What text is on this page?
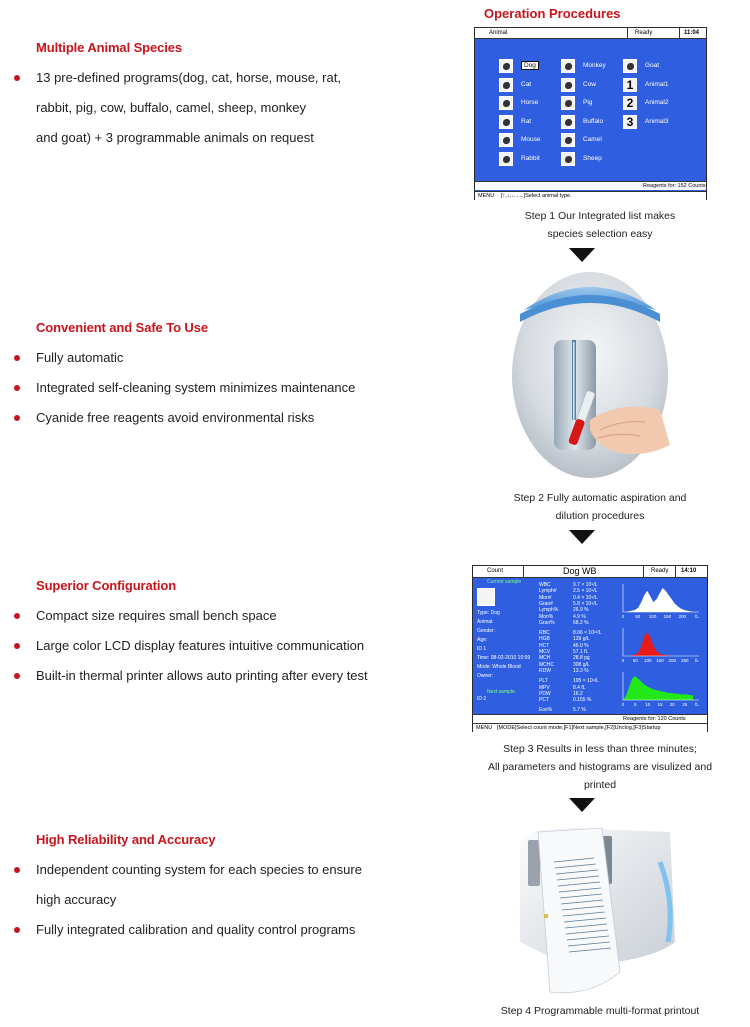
Multiple Animal Species
13 pre-defined programs(dog, cat, horse, mouse, rat,
rabbit, pig, cow, buffalo, camel, sheep, monkey
and goat) + 3 programmable animals on request
Convenient and Safe To Use
Fully automatic
Integrated self-cleaning system minimizes maintenance
Cyanide free reagents avoid environmental risks
Superior Configuration
Compact size requires small bench space
Large color LCD display features intuitive communication
Built-in thermal printer allows auto printing after every test
High Reliability and Accuracy
Independent counting system for each species to ensure
high accuracy
Fully integrated calibration and quality control programs
Operation Procedures
Animal	Ready	11:04
Dog
Cat
Horse
Rat
Mouse
Rabbit
Monkey
Cow
Pig
Buffalo
Camel
Sheep
Goat
1	Animal1
2	Animal2
3	Animal3
Reagents for: 152 Counts
MENU [↑,↓,←,→]Select animal type.
Step 1 Our Integrated list makes
species selection easy
Step 2 Fully automatic aspiration and
dilution procedures
Count	Dog WB	Ready 14:10
Current sample
Type: Dog
Animal:
Gender:
Age:
ID 1
Time: 08-02-2010 10:59
Mode: Whole Blood
Owner:
Next sample
ID 2
WBC	9.7 × 10⁹/L
Lymph#	2.5 × 10⁹/L
Mon#	0.4 × 10⁹/L
Gran#	5.8 × 10⁹/L
Lymph%	26.9 %
Mon%	4.9 %
Gran%	68.2 %
RBC	8.06 × 10¹²/L
HGB	139 g/L
HCT	46.0 %
MCV	57.1 fL
MCH	28.8 pg
MCHC	308 g/L
RDW	13.3 %
PLT	195 × 10⁹/L
MPV	8.4 fL
PDW	16.2
PCT	0.155 %
Eos%	5.7 %
0 50 100 150 200 fL
0 50 100 150 200 250 fL
0 5 10 15 20 25 fL
Reagents for: 120 Counts
MENU [MODE]Select count mode,[F1]Next sample,[F2]Unclog,[F3]Startup
Step 3 Results in less than three minutes;
All parameters and histograms are visulized and
printed
Step 4 Programmable multi-format printout
